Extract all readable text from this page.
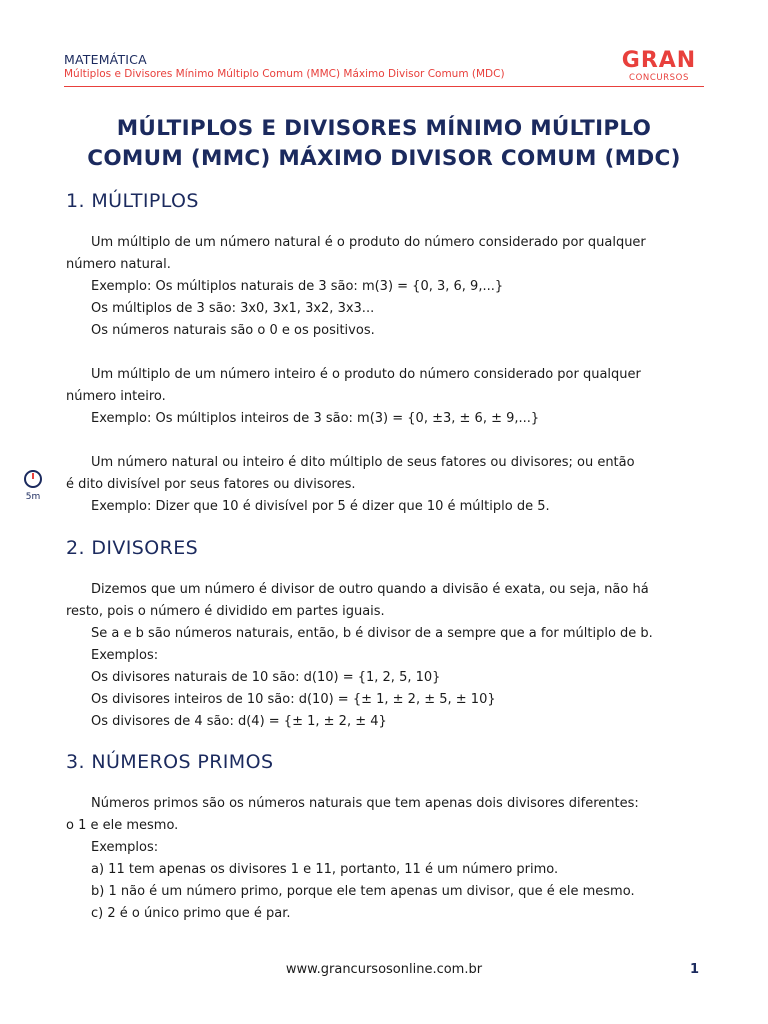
MATEMÁTICA
Múltiplos e Divisores Mínimo Múltiplo Comum (MMC) Máximo Divisor Comum (MDC)
GRAN
CONCURSOS
MÚLTIPLOS E DIVISORES MÍNIMO MÚLTIPLO
COMUM (MMC) MÁXIMO DIVISOR COMUM (MDC)
1. MÚLTIPLOS
Um múltiplo de um número natural é o produto do número considerado por qualquer
número natural.
Exemplo: Os múltiplos naturais de 3 são: m(3) = {0, 3, 6, 9,...}
Os múltiplos de 3 são: 3x0, 3x1, 3x2, 3x3...
Os números naturais são o 0 e os positivos.
Um múltiplo de um número inteiro é o produto do número considerado por qualquer
número inteiro.
Exemplo: Os múltiplos inteiros de 3 são: m(3) = {0, ±3, ± 6, ± 9,...}
Um número natural ou inteiro é dito múltiplo de seus fatores ou divisores; ou então
é dito divisível por seus fatores ou divisores.
Exemplo: Dizer que 10 é divisível por 5 é dizer que 10 é múltiplo de 5.
5m
2. DIVISORES
Dizemos que um número é divisor de outro quando a divisão é exata, ou seja, não há
resto, pois o número é dividido em partes iguais.
Se a e b são números naturais, então, b é divisor de a sempre que a for múltiplo de b.
Exemplos:
Os divisores naturais de 10 são: d(10) = {1, 2, 5, 10}
Os divisores inteiros de 10 são: d(10) = {± 1, ± 2, ± 5, ± 10}
Os divisores de 4 são: d(4) = {± 1, ± 2, ± 4}
3. NÚMEROS PRIMOS
Números primos são os números naturais que tem apenas dois divisores diferentes:
o 1 e ele mesmo.
Exemplos:
a) 11 tem apenas os divisores 1 e 11, portanto, 11 é um número primo.
b) 1 não é um número primo, porque ele tem apenas um divisor, que é ele mesmo.
c) 2 é o único primo que é par.
www.grancursosonline.com.br	1
